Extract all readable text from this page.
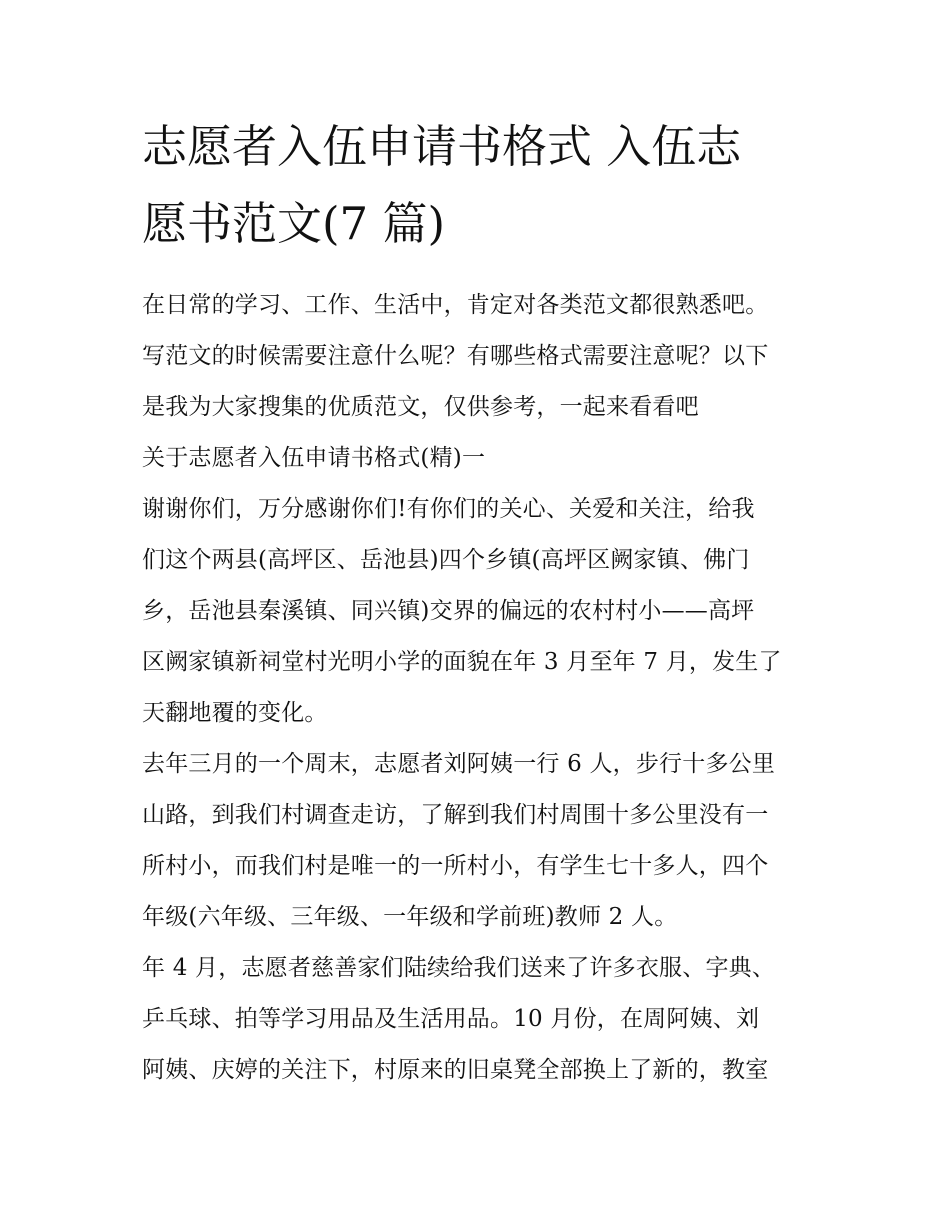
志愿者入伍申请书格式 入伍志
愿书范文(7 篇)

在日常的学习、工作、生活中，肯定对各类范文都很熟悉吧。
写范文的时候需要注意什么呢？有哪些格式需要注意呢？以下
是我为大家搜集的优质范文，仅供参考，一起来看看吧

关于志愿者入伍申请书格式(精)一

谢谢你们，万分感谢你们!有你们的关心、关爱和关注，给我
们这个两县(高坪区、岳池县)四个乡镇(高坪区阙家镇、佛门
乡，岳池县秦溪镇、同兴镇)交界的偏远的农村村小——高坪
区阙家镇新祠堂村光明小学的面貌在年 3 月至年 7 月，发生了
天翻地覆的变化。

去年三月的一个周末，志愿者刘阿姨一行 6 人，步行十多公里
山路，到我们村调查走访，了解到我们村周围十多公里没有一
所村小，而我们村是唯一的一所村小，有学生七十多人，四个
年级(六年级、三年级、一年级和学前班)教师 2 人。

年 4 月，志愿者慈善家们陆续给我们送来了许多衣服、字典、
乒乓球、拍等学习用品及生活用品。10 月份，在周阿姨、刘
阿姨、庆婷的关注下，村原来的旧桌凳全部换上了新的，教室
